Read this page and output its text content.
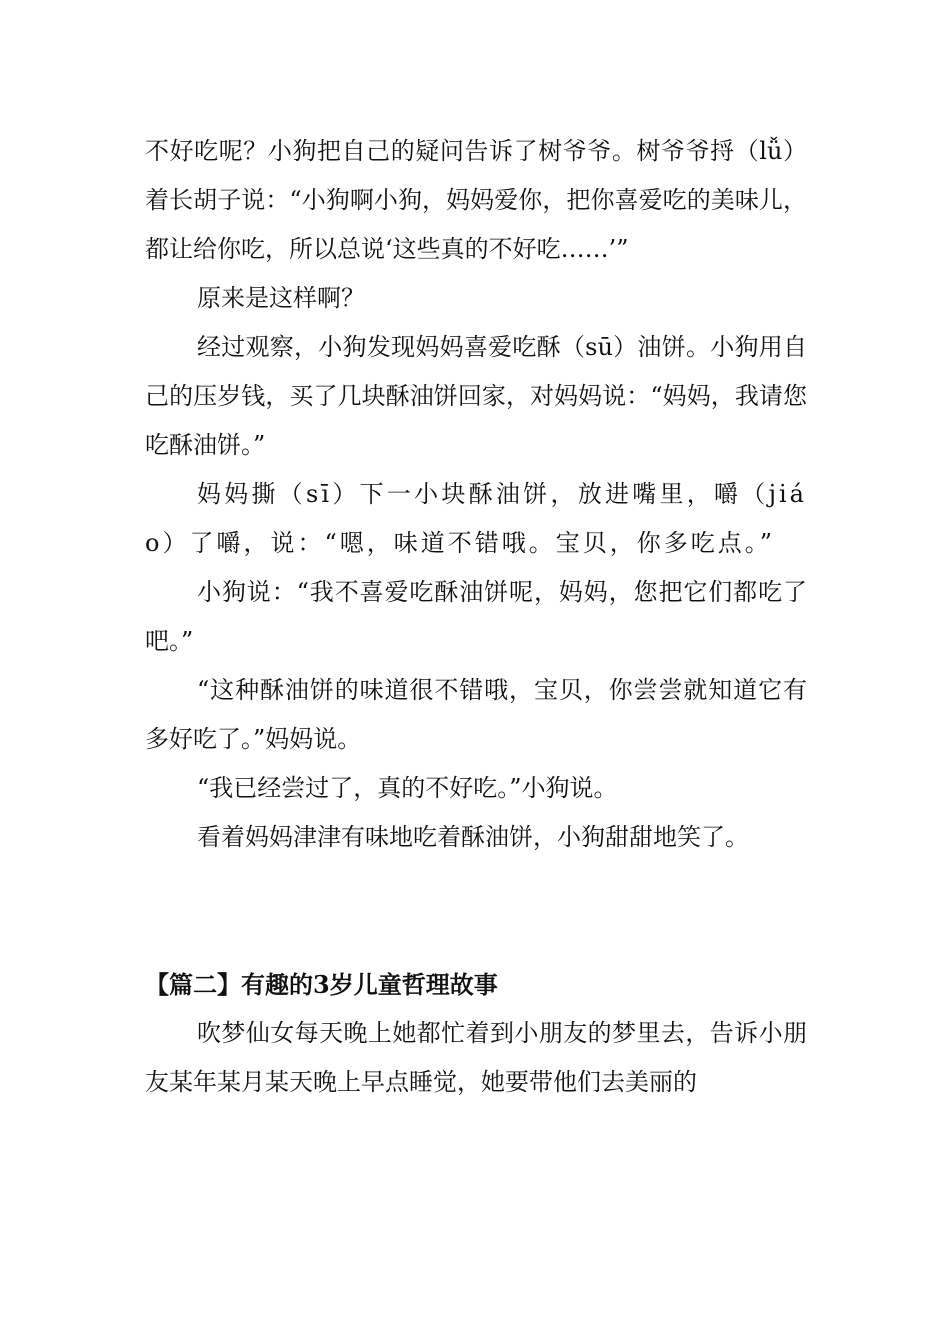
不好吃呢？小狗把自己的疑问告诉了树爷爷。树爷爷捋（lǚ）着长胡子说：“小狗啊小狗，妈妈爱你，把你喜爱吃的美味儿，都让给你吃，所以总说‘这些真的不好吃……’”

原来是这样啊？

经过观察，小狗发现妈妈喜爱吃酥（sū）油饼。小狗用自己的压岁钱，买了几块酥油饼回家，对妈妈说：“妈妈，我请您吃酥油饼。”

妈妈撕（sī）下一小块酥油饼，放进嘴里，嚼（jiáo）了嚼，说：“嗯，味道不错哦。宝贝，你多吃点。”

小狗说：“我不喜爱吃酥油饼呢，妈妈，您把它们都吃了吧。”

“这种酥油饼的味道很不错哦，宝贝，你尝尝就知道它有多好吃了。”妈妈说。

“我已经尝过了，真的不好吃。”小狗说。

看着妈妈津津有味地吃着酥油饼，小狗甜甜地笑了。

【篇二】有趣的3岁儿童哲理故事

吹梦仙女每天晚上她都忙着到小朋友的梦里去，告诉小朋友某年某月某天晚上早点睡觉，她要带他们去美丽的
